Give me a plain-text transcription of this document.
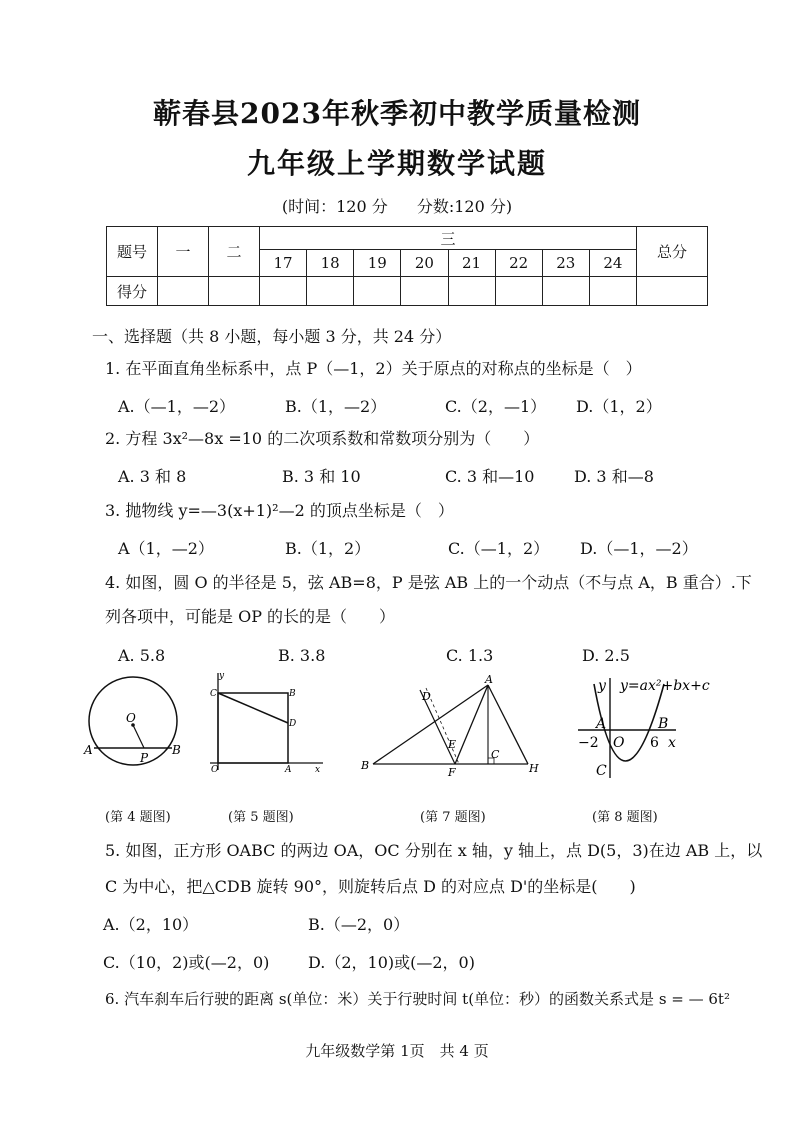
蕲春县2023年秋季初中教学质量检测
九年级上学期数学试题
(时间：120 分 分数:120 分)
题号	一	二	三								总分
			17	18	19	20	21	22	23	24	
得分											
一、选择题（共 8 小题，每小题 3 分，共 24 分）
1. 在平面直角坐标系中，点 P（—1，2）关于原点的对称点的坐标是（　）
A.（—1，—2）	B.（1，—2）	C.（2，—1） D.（1，2）
2. 方程 3x²—8x =10 的二次项系数和常数项分别为（　　）
A. 3 和 8	B. 3 和 10	C. 3 和—10 D. 3 和—8
3. 抛物线 y=—3(x+1)²—2 的顶点坐标是（　）
A（1，—2）	B.（1，2）	C.（—1，2） D.（—1，—2）
4. 如图，圆 O 的半径是 5，弦 AB=8，P 是弦 AB 上的一个动点（不与点 A，B 重合）.下
列各项中，可能是 OP 的长的是（　　）
A. 5.8	B. 3.8	C. 1.3	D. 2.5
O
A	B
P
y
C	B
D
O	A	x
D
A
E
C
B
F	H
y y=ax²+bx+c
A	B
−2 O 6 x
C
(第 4 题图)	(第 5 题图)	(第 7 题图)	(第 8 题图)
5. 如图，正方形 OABC 的两边 OA，OC 分别在 x 轴，y 轴上，点 D(5，3)在边 AB 上，以
C 为中心，把△CDB 旋转 90°，则旋转后点 D 的对应点 D'的坐标是(　　)
A.（2，10）	B.（—2，0）
C.（10，2)或(—2，0) D.（2，10)或(—2，0)
6. 汽车刹车后行驶的距离 s(单位：米）关于行驶时间 t(单位：秒）的函数关系式是 s = — 6t²
九年级数学第 1页　共 4 页
